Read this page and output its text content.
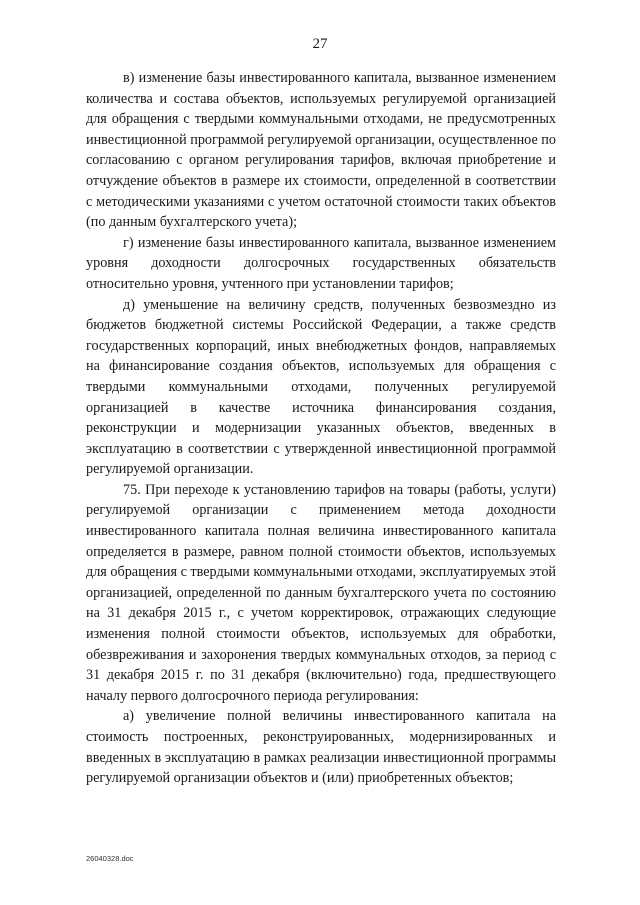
27

в) изменение базы инвестированного капитала, вызванное изменением количества и состава объектов, используемых регулируемой организацией для обращения с твердыми коммунальными отходами, не предусмотренных инвестиционной программой регулируемой организации, осуществленное по согласованию с органом регулирования тарифов, включая приобретение и отчуждение объектов в размере их стоимости, определенной в соответствии с методическими указаниями с учетом остаточной стоимости таких объектов (по данным бухгалтерского учета);

г) изменение базы инвестированного капитала, вызванное изменением уровня доходности долгосрочных государственных обязательств относительно уровня, учтенного при установлении тарифов;

д) уменьшение на величину средств, полученных безвозмездно из бюджетов бюджетной системы Российской Федерации, а также средств государственных корпораций, иных внебюджетных фондов, направляемых на финансирование создания объектов, используемых для обращения с твердыми коммунальными отходами, полученных регулируемой организацией в качестве источника финансирования создания, реконструкции и модернизации указанных объектов, введенных в эксплуатацию в соответствии с утвержденной инвестиционной программой регулируемой организации.

75. При переходе к установлению тарифов на товары (работы, услуги) регулируемой организации с применением метода доходности инвестированного капитала полная величина инвестированного капитала определяется в размере, равном полной стоимости объектов, используемых для обращения с твердыми коммунальными отходами, эксплуатируемых этой организацией, определенной по данным бухгалтерского учета по состоянию на 31 декабря 2015 г., с учетом корректировок, отражающих следующие изменения полной стоимости объектов, используемых для обработки, обезвреживания и захоронения твердых коммунальных отходов, за период с 31 декабря 2015 г. по 31 декабря (включительно) года, предшествующего началу первого долгосрочного периода регулирования:

а) увеличение полной величины инвестированного капитала на стоимость построенных, реконструированных, модернизированных и введенных в эксплуатацию в рамках реализации инвестиционной программы регулируемой организации объектов и (или) приобретенных объектов;

26040328.doc
